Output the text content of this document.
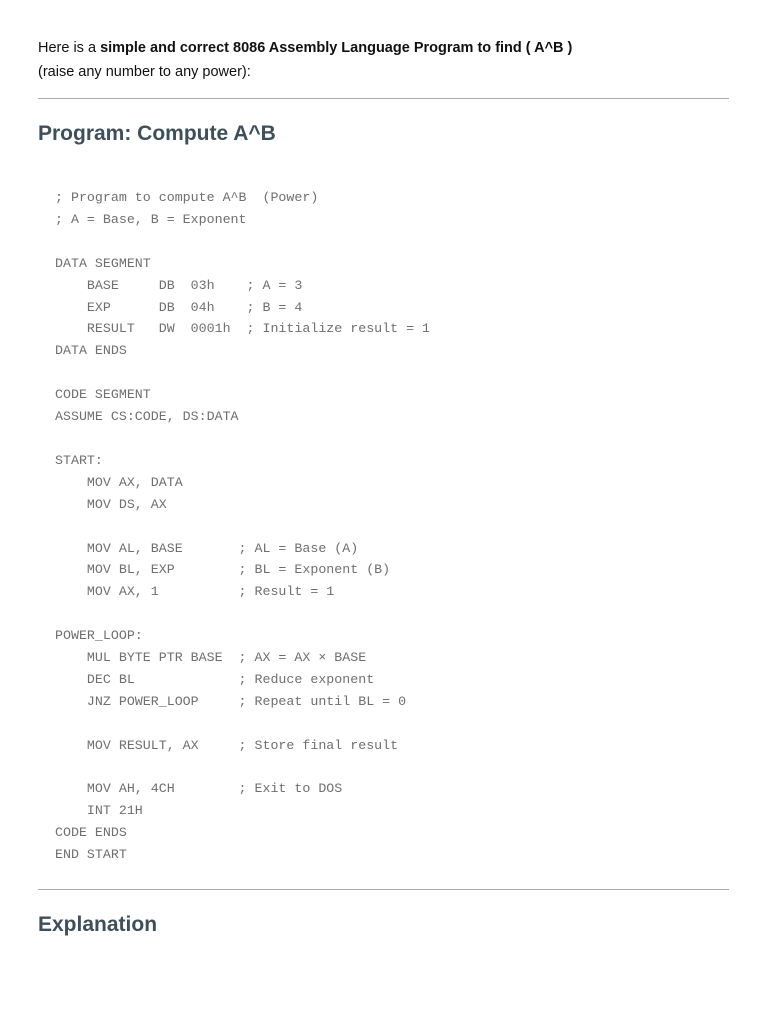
Here is a simple and correct 8086 Assembly Language Program to find ( A^B )
(raise any number to any power):
Program: Compute A^B
; Program to compute A^B  (Power)
; A = Base, B = Exponent

DATA SEGMENT
BASE     DB  03h    ; A = 3
EXP      DB  04h    ; B = 4
RESULT   DW  0001h  ; Initialize result = 1
DATA ENDS

CODE SEGMENT
ASSUME CS:CODE, DS:DATA

START:
MOV AX, DATA
MOV DS, AX

MOV AL, BASE       ; AL = Base (A)
MOV BL, EXP        ; BL = Exponent (B)
MOV AX, 1          ; Result = 1

POWER_LOOP:
MUL BYTE PTR BASE  ; AX = AX × BASE
DEC BL             ; Reduce exponent
JNZ POWER_LOOP     ; Repeat until BL = 0

MOV RESULT, AX     ; Store final result

MOV AH, 4CH        ; Exit to DOS
INT 21H
CODE ENDS
END START
Explanation
